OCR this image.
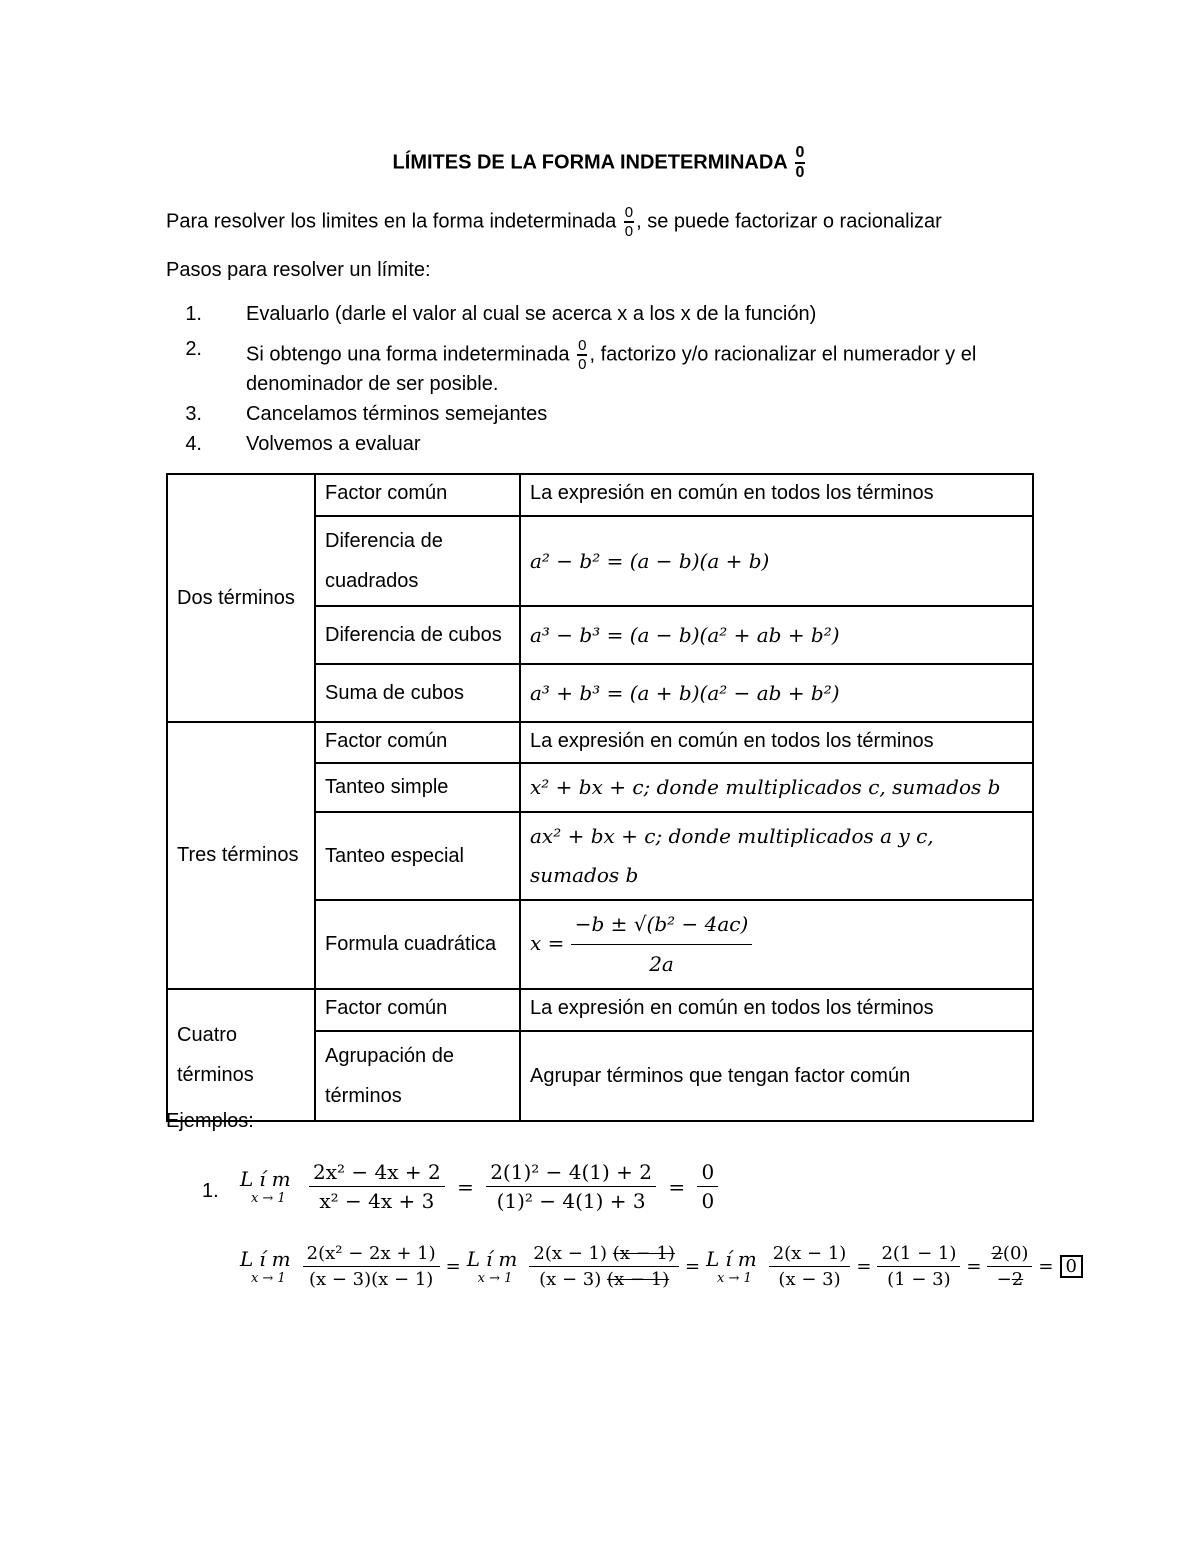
LÍMITES DE LA FORMA INDETERMINADA $\frac{0}{0}$
Para resolver los limites en la forma indeterminada $\frac{0}{0}$ , se puede factorizar o racionalizar
Pasos para resolver un límite:
1. Evaluarlo (darle el valor al cual se acerca x a los x de la función)
2. Si obtengo una forma indeterminada $\frac{0}{0}$ , factorizo y/o racionalizar el numerador y el
denominador de ser posible.
3. Cancelamos términos semejantes
4. Volvemos a evaluar
Dos términos	Factor común	La expresión en común en todos los términos
	Diferencia de cuadrados	a² − b² = (a − b)(a + b)
	Diferencia de cubos	a³ − b³ = (a − b)(a² + ab + b²)
	Suma de cubos	a³ + b³ = (a + b)(a² − ab + b²)
Tres términos	Factor común	La expresión en común en todos los términos
	Tanteo simple	x² + bx + c; donde multiplicados c, sumados b
	Tanteo especial	ax² + bx + c; donde multiplicados a y c, sumados b
	Formula cuadrática	$x = \frac{\text{−b ± √(b² − 4ac)}}{2a}$

Cuatro términos	Factor común	La expresión en común en todos los términos
	Agrupación de términos	Agrupar términos que tengan factor común
Ejemplos:
1. Lím
x → 1
	$\frac{\text{2x² − 4x + 2}}{\text{x² − 4x + 3}} = \frac{\text{2(1)² − 4(1) + 2}}{\text{(1)² − 4(1) + 3}} = \frac{0}{0}$
Lím
$x \to 1 \frac{\text{2(x² − 2x + 1)}}{(x - 3)(x - 1)}$ = Lím
$x \to 1 \frac{2(x - 1) (x - 1)}{(x - 3) (x - 1)}$ = Lím
$x \to 1 \frac{2(x - 1)}{(x - 3)} = \frac{2(1 - 1)}{(1 - 3)} = \frac{2(0)}{-2} = 0$
